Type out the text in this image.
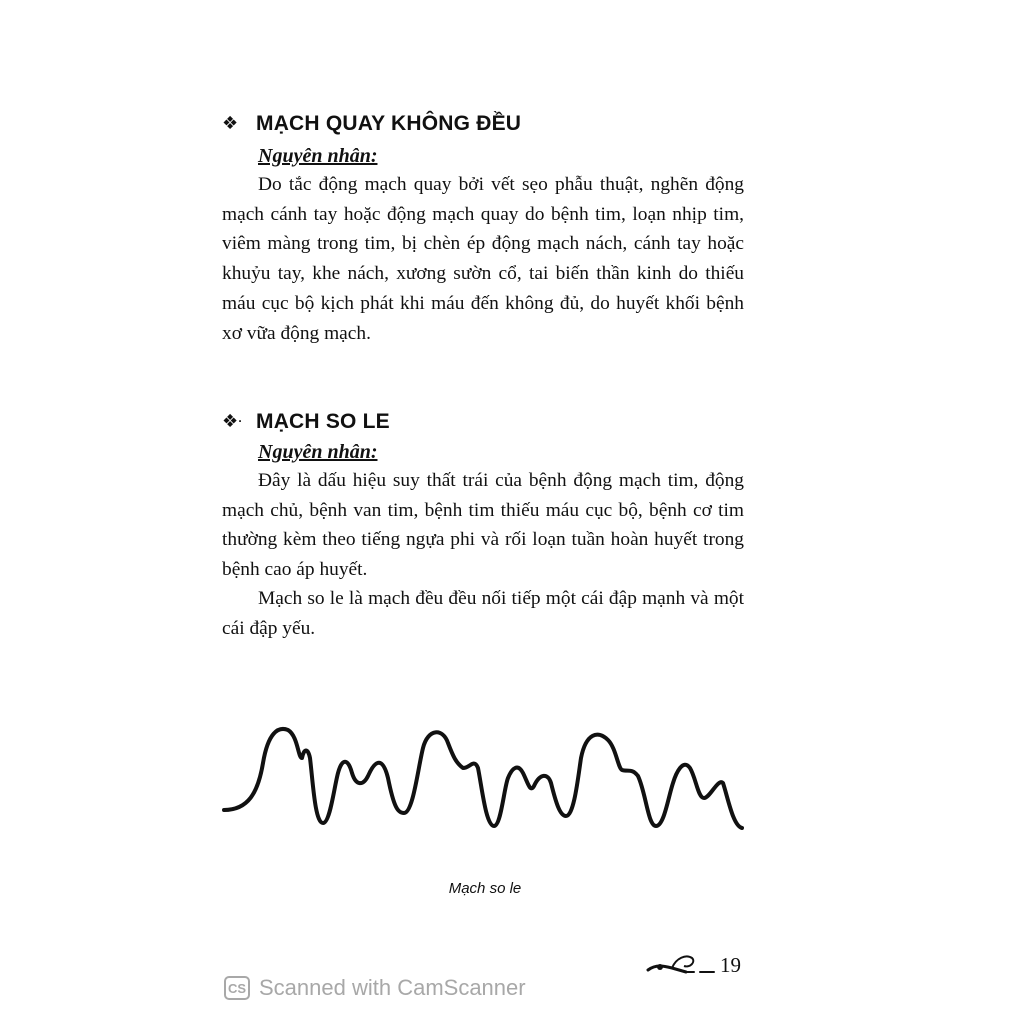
❖ MẠCH QUAY KHÔNG ĐỀU
Nguyên nhân:

Do tắc động mạch quay bởi vết sẹo phẫu thuật, nghẽn động mạch cánh tay hoặc động mạch quay do bệnh tim, loạn nhịp tim, viêm màng trong tim, bị chèn ép động mạch nách, cánh tay hoặc khuỷu tay, khe nách, xương sườn cổ, tai biến thần kinh do thiếu máu cục bộ kịch phát khi máu đến không đủ, do huyết khối bệnh xơ vữa động mạch.

❖· MẠCH SO LE
Nguyên nhân:

Đây là dấu hiệu suy thất trái của bệnh động mạch tim, động mạch chủ, bệnh van tim, bệnh tim thiếu máu cục bộ, bệnh cơ tim thường kèm theo tiếng ngựa phi và rối loạn tuần hoàn huyết trong bệnh cao áp huyết.

Mạch so le là mạch đều đều nối tiếp một cái đập mạnh và một cái đập yếu.

Mạch so le
19
CS Scanned with CamScanner
